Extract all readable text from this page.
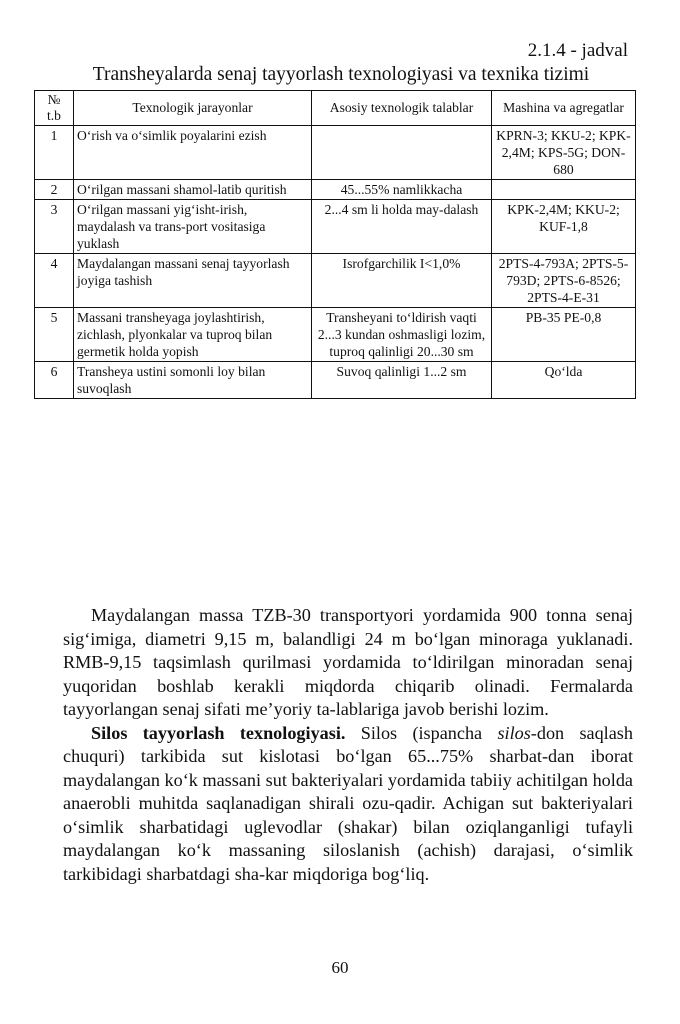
2.1.4 - jadval
Transheyalarda senaj tayyorlash texnologiyasi va texnika tizimi
№
t.b	Texnologik jarayonlar	Asosiy texnologik talablar	Mashina va agregatlar
1	O‘rish va o‘simlik poyalarini ezish		KPRN-3; KKU-2; KPK-2,4M; KPS-5G; DON-680
2	O‘rilgan massani shamol-latib quritish	45...55% namlikkacha	
3	O‘rilgan massani yig‘isht-irish, maydalash va trans-port vositasiga yuklash	2...4 sm li holda may-dalash	KPK-2,4M; KKU-2; KUF-1,8
4	Maydalangan massani senaj tayyorlash joyiga tashish	Isrofgarchilik I<1,0%	2PTS-4-793A; 2PTS-5-793D; 2PTS-6-8526; 2PTS-4-E-31
5	Massani transheyaga joylashtirish, zichlash, plyonkalar va tuproq bilan germetik holda yopish	Transheyani to‘ldirish vaqti 2...3 kundan oshmasligi lozim, tuproq qalinligi 20...30 sm	PB-35 PE-0,8
6	Transheya ustini somonli loy bilan suvoqlash	Suvoq qalinligi 1...2 sm	Qo‘lda

Maydalangan massa TZB-30 transportyori yordamida 900 tonna senaj sig‘imiga, diametri 9,15 m, balandligi 24 m bo‘lgan minoraga yuklanadi. RMB-9,15 taqsimlash qurilmasi yordamida to‘ldirilgan minoradan senaj yuqoridan boshlab kerakli miqdorda chiqarib olinadi. Fermalarda tayyorlangan senaj sifati me’yoriy ta-lablariga javob berishi lozim.

Silos tayyorlash texnologiyasi. Silos (ispancha silos-don saqlash chuquri) tarkibida sut kislotasi bo‘lgan 65...75% sharbat-dan iborat maydalangan ko‘k massani sut bakteriyalari yordamida tabiiy achitilgan holda anaerobli muhitda saqlanadigan shirali ozu-qadir. Achigan sut bakteriyalari o‘simlik sharbatidagi uglevodlar (shakar) bilan oziqlanganligi tufayli maydalangan ko‘k massaning siloslanish (achish) darajasi, o‘simlik tarkibidagi sharbatdagi sha-kar miqdoriga bog‘liq.

60
